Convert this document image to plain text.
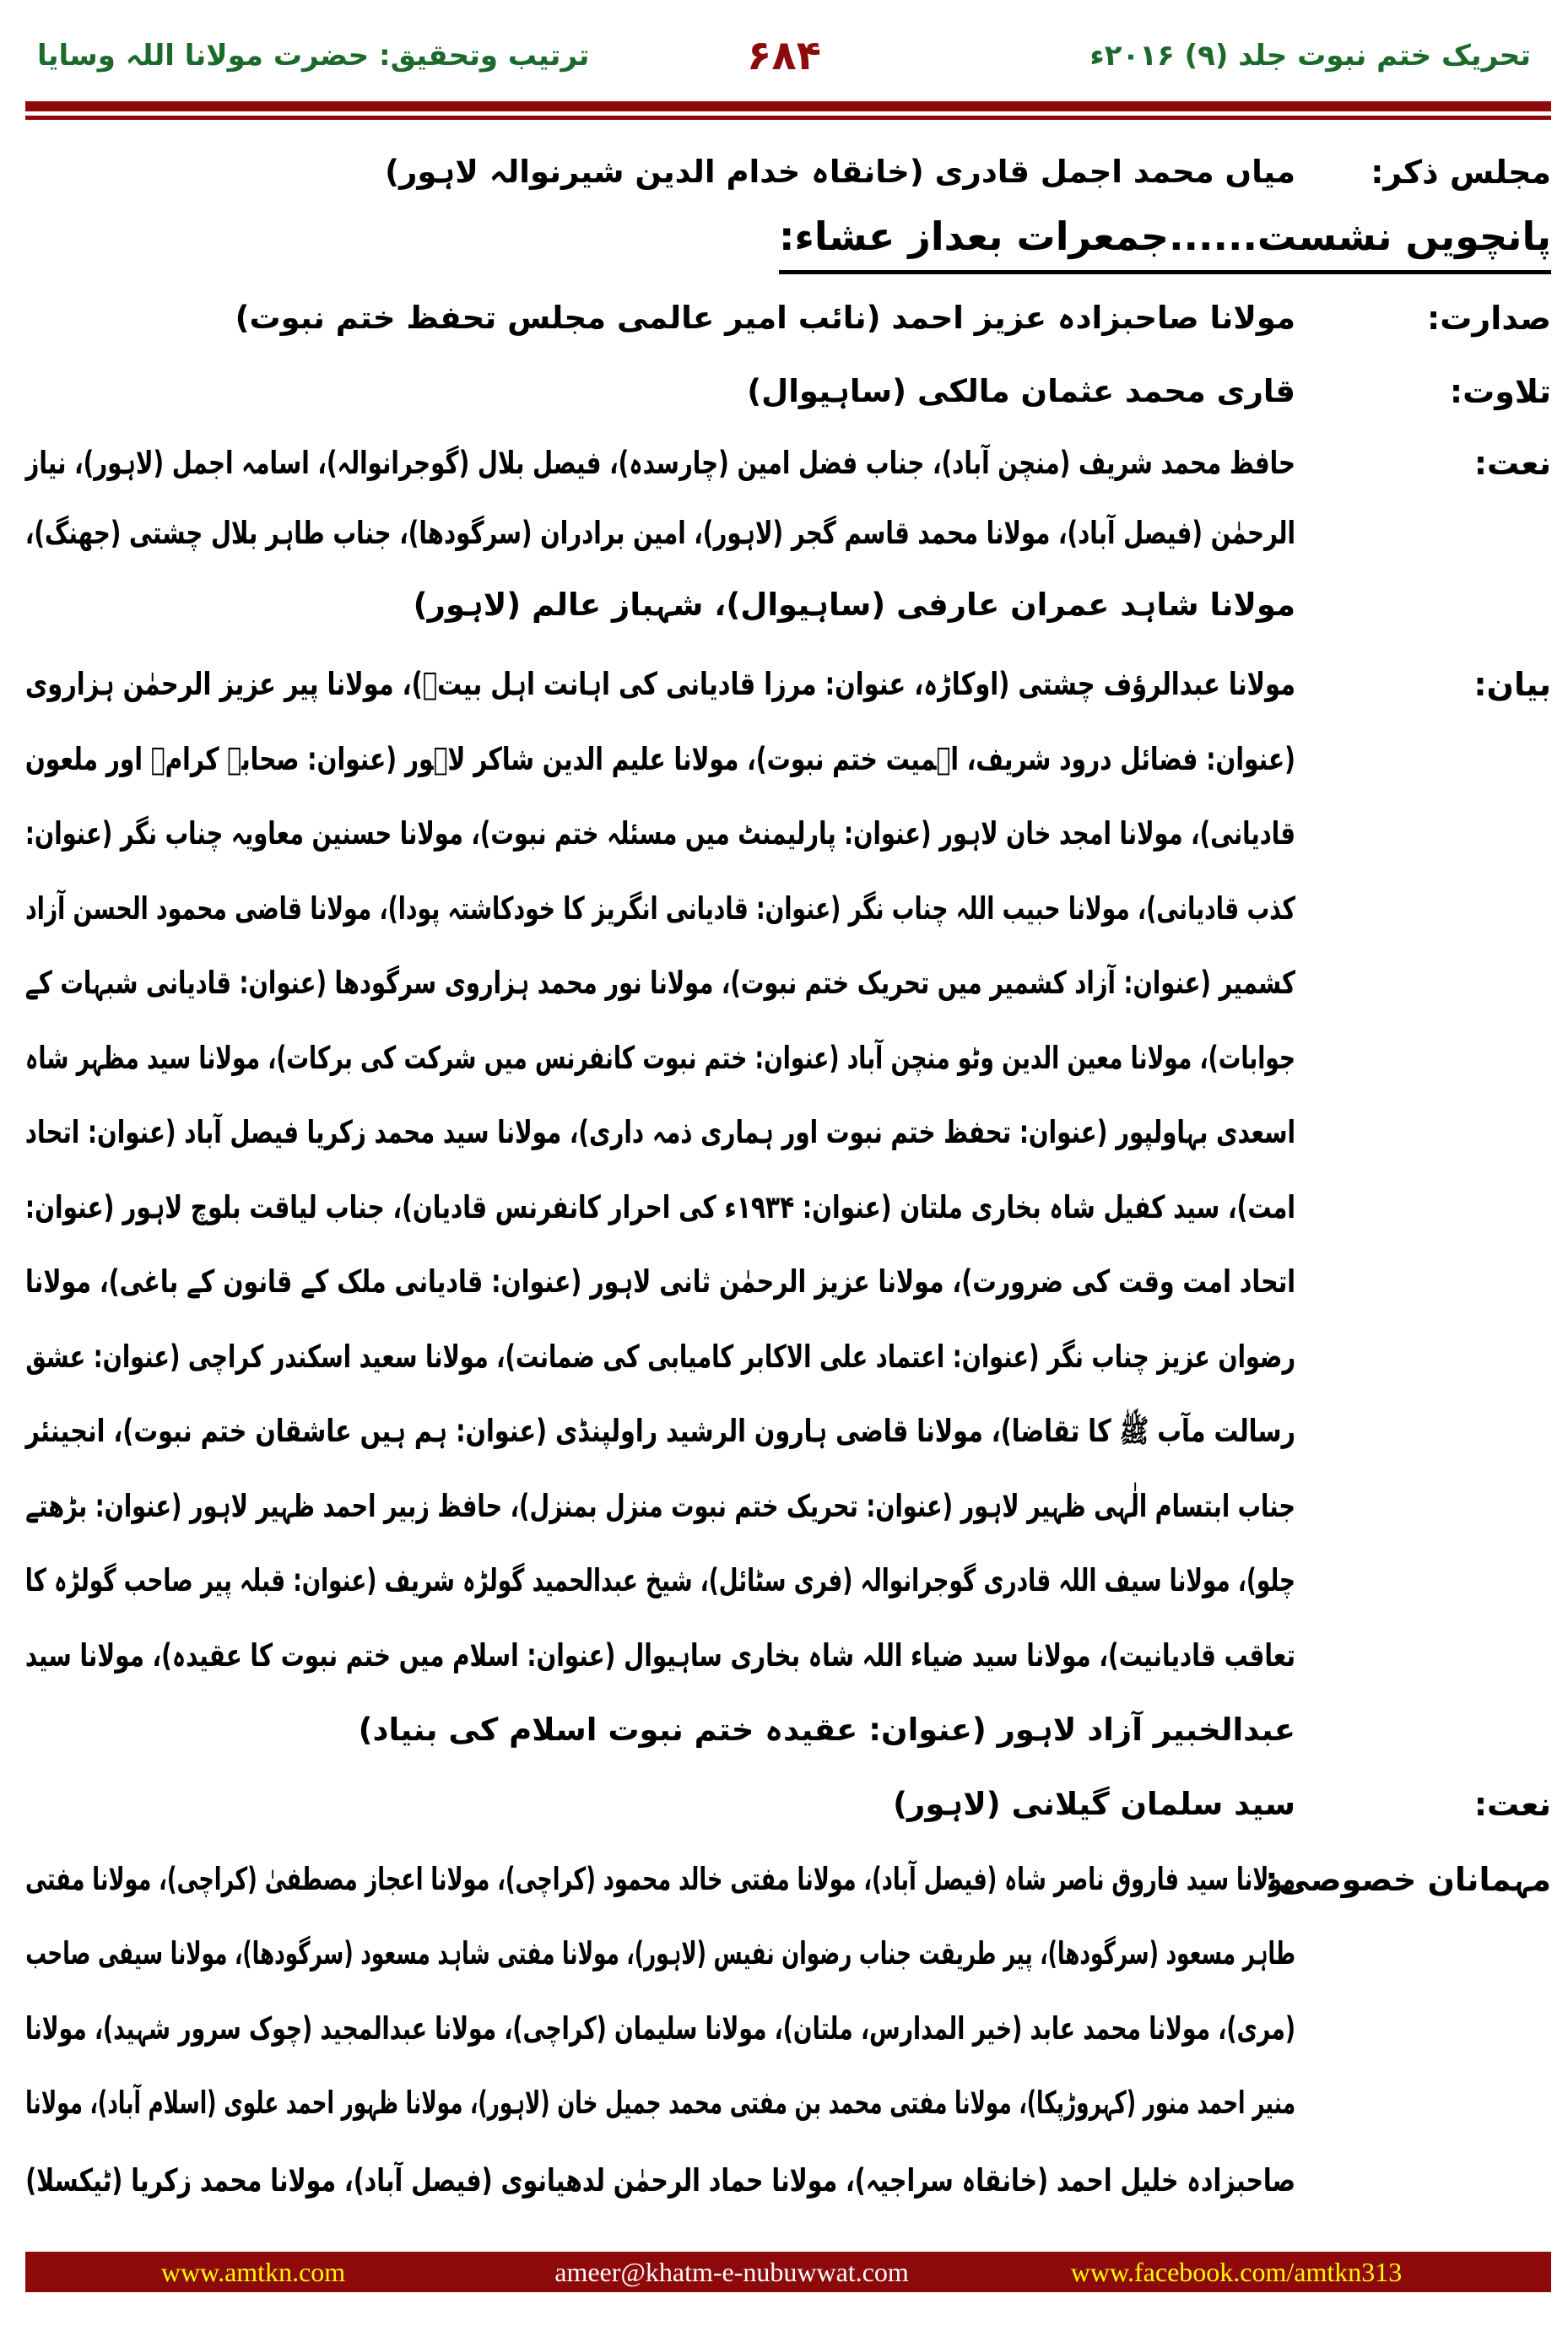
تحریک ختم نبوت جلد (۹) ۲۰۱۶ء
۶۸۴
ترتیب وتحقیق: حضرت مولانا اللہ وسایا
پانچویں نشست......جمعرات بعداز عشاء:
مجلس ذکر:
میاں محمد اجمل قادری (خانقاہ خدام الدین شیرنوالہ لاہور)
صدارت:
مولانا صاحبزادہ عزیز احمد (نائب امیر عالمی مجلس تحفظ ختم نبوت)
تلاوت:
قاری محمد عثمان مالکی (ساہیوال)
نعت:
حافظ محمد شریف (منچن آباد)، جناب فضل امین (چارسدہ)، فیصل بلال (گوجرانوالہ)، اسامہ اجمل (لاہور)، نیاز
الرحمٰن (فیصل آباد)، مولانا محمد قاسم گجر (لاہور)، امین برادران (سرگودھا)، جناب طاہر بلال چشتی (جھنگ)،
مولانا شاہد عمران عارفی (ساہیوال)، شہباز عالم (لاہور)
بیان:
مولانا عبدالرؤف چشتی (اوکاڑہ، عنوان: مرزا قادیانی کی اہانت اہل بیتؓ)، مولانا پیر عزیز الرحمٰن ہزاروی
(عنوان: فضائل درود شریف، اہمیت ختم نبوت)، مولانا علیم الدین شاکر لاہور (عنوان: صحابہ کرامؓ اور ملعون
قادیانی)، مولانا امجد خان لاہور (عنوان: پارلیمنٹ میں مسئلہ ختم نبوت)، مولانا حسنین معاویہ چناب نگر (عنوان:
کذب قادیانی)، مولانا حبیب اللہ چناب نگر (عنوان: قادیانی انگریز کا خودکاشتہ پودا)، مولانا قاضی محمود الحسن آزاد
کشمیر (عنوان: آزاد کشمیر میں تحریک ختم نبوت)، مولانا نور محمد ہزاروی سرگودھا (عنوان: قادیانی شبہات کے
جوابات)، مولانا معین الدین وٹو منچن آباد (عنوان: ختم نبوت کانفرنس میں شرکت کی برکات)، مولانا سید مظہر شاہ
اسعدی بہاولپور (عنوان: تحفظ ختم نبوت اور ہماری ذمہ داری)، مولانا سید محمد زکریا فیصل آباد (عنوان: اتحاد
امت)، سید کفیل شاہ بخاری ملتان (عنوان: ۱۹۳۴ء کی احرار کانفرنس قادیان)، جناب لیاقت بلوچ لاہور (عنوان:
اتحاد امت وقت کی ضرورت)، مولانا عزیز الرحمٰن ثانی لاہور (عنوان: قادیانی ملک کے قانون کے باغی)، مولانا
رضوان عزیز چناب نگر (عنوان: اعتماد علی الاکابر کامیابی کی ضمانت)، مولانا سعید اسکندر کراچی (عنوان: عشق
رسالت مآب ﷺ کا تقاضا)، مولانا قاضی ہارون الرشید راولپنڈی (عنوان: ہم ہیں عاشقان ختم نبوت)، انجینئر
جناب ابتسام الٰہی ظہیر لاہور (عنوان: تحریک ختم نبوت منزل بمنزل)، حافظ زبیر احمد ظہیر لاہور (عنوان: بڑھتے
چلو)، مولانا سیف اللہ قادری گوجرانوالہ (فری سٹائل)، شیخ عبدالحمید گولڑہ شریف (عنوان: قبلہ پیر صاحب گولڑہ کا
تعاقب قادیانیت)، مولانا سید ضیاء اللہ شاہ بخاری ساہیوال (عنوان: اسلام میں ختم نبوت کا عقیدہ)، مولانا سید
عبدالخبیر آزاد لاہور (عنوان: عقیدہ ختم نبوت اسلام کی بنیاد)
نعت:
سید سلمان گیلانی (لاہور)
مہمانان خصوصی:
مولانا سید فاروق ناصر شاہ (فیصل آباد)، مولانا مفتی خالد محمود (کراچی)، مولانا اعجاز مصطفیٰ (کراچی)، مولانا مفتی
طاہر مسعود (سرگودھا)، پیر طریقت جناب رضوان نفیس (لاہور)، مولانا مفتی شاہد مسعود (سرگودھا)، مولانا سیفی صاحب
(مری)، مولانا محمد عابد (خیر المدارس، ملتان)، مولانا سلیمان (کراچی)، مولانا عبدالمجید (چوک سرور شہید)، مولانا
منیر احمد منور (کہروڑپکا)، مولانا مفتی محمد بن مفتی محمد جمیل خان (لاہور)، مولانا ظہور احمد علوی (اسلام آباد)، مولانا
صاحبزادہ خلیل احمد (خانقاہ سراجیہ)، مولانا حماد الرحمٰن لدھیانوی (فیصل آباد)، مولانا محمد زکریا (ٹیکسلا)
www.amtkn.com	ameer@khatm-e-nubuwwat.com	www.facebook.com/amtkn313
